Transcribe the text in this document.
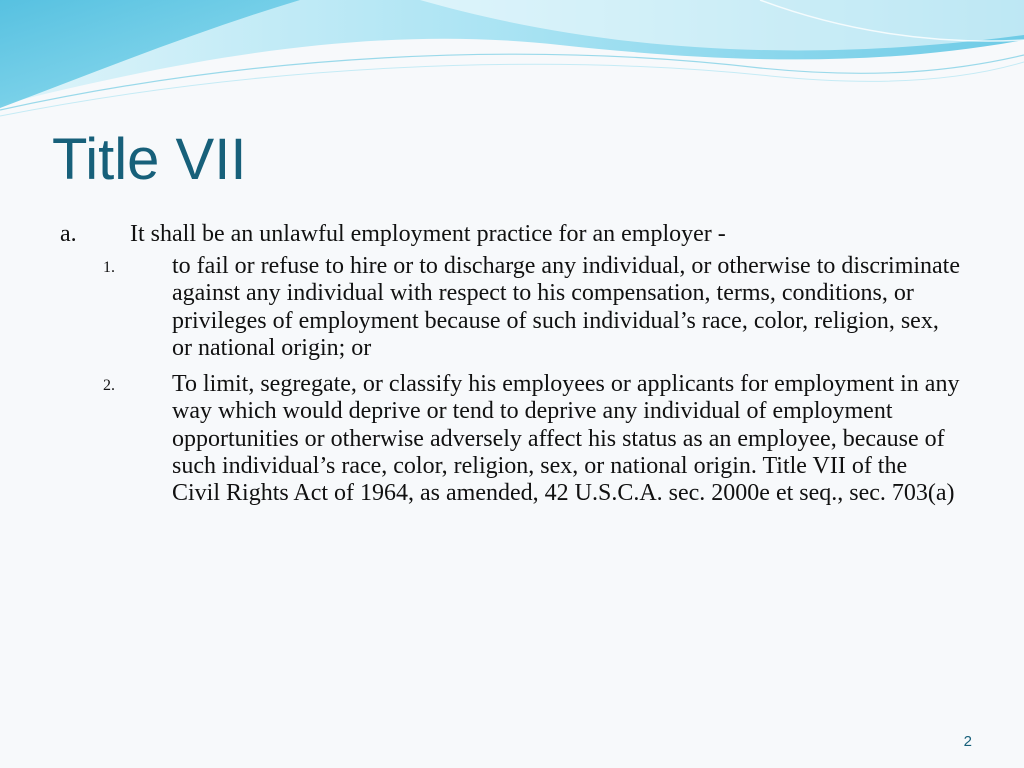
Title VII
a. It shall be an unlawful employment practice for an employer -
1. to fail or refuse to hire or to discharge any individual, or otherwise to discriminate against any individual with respect to his compensation, terms, conditions, or privileges of employment because of such individual’s race, color, religion, sex, or national origin; or
2. To limit, segregate, or classify his employees or applicants for employment in any way which would deprive or tend to deprive any individual of employment opportunities or otherwise adversely affect his status as an employee, because of such individual’s race, color, religion, sex, or national origin. Title VII of the Civil Rights Act of 1964, as amended, 42 U.S.C.A. sec. 2000e et seq., sec. 703(a)
2
